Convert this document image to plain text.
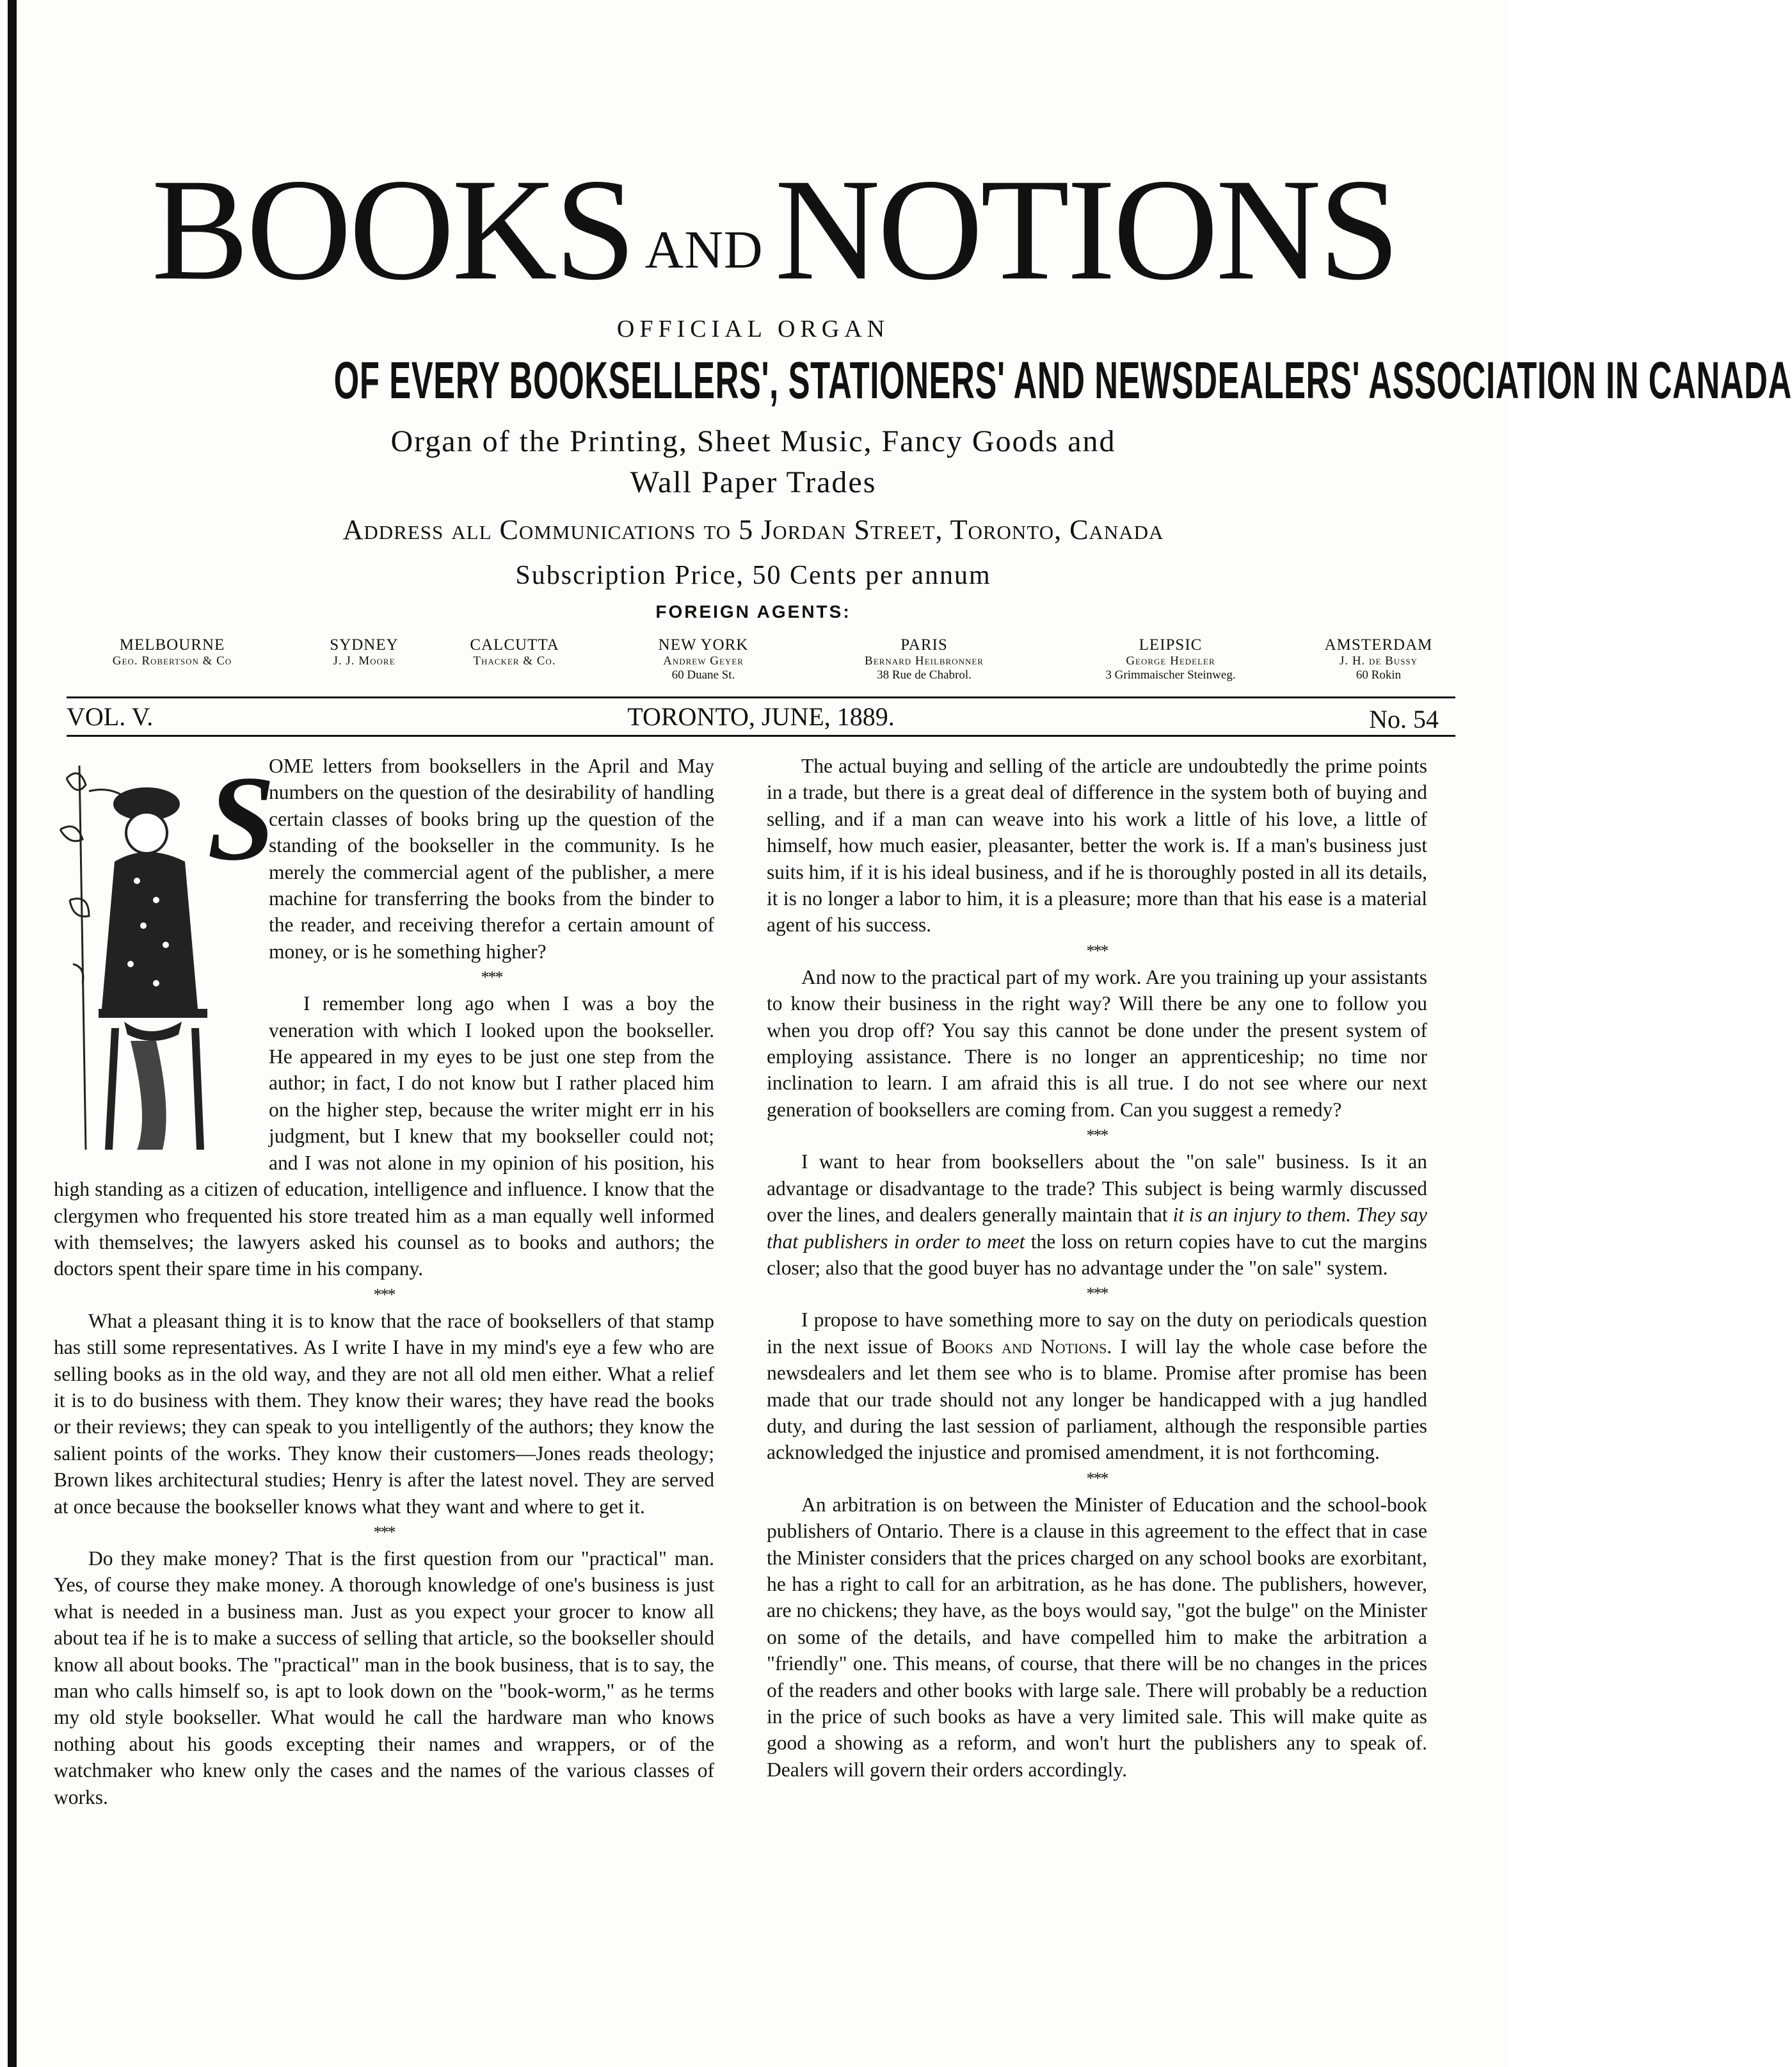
BOOKS AND NOTIONS
OFFICIAL ORGAN
OF EVERY BOOKSELLERS', STATIONERS' AND NEWSDEALERS' ASSOCIATION IN CANADA
Organ of the Printing, Sheet Music, Fancy Goods and
Wall Paper Trades
Address all Communications to 5 Jordan Street, Toronto, Canada
Subscription Price, 50 Cents per annum
FOREIGN AGENTS:
MELBOURNE
Geo. Robertson & Co
SYDNEY
J. J. Moore
CALCUTTA
Thacker & Co.
NEW YORK
Andrew Geyer
60 Duane St.
PARIS
Bernard Heilbronner
38 Rue de Chabrol.
LEIPSIC
George Hedeler
3 Grimmaischer Steinweg.
AMSTERDAM
J. H. de Bussy
60 Rokin
VOL. V.	TORONTO, JUNE, 1889.	No. 54
S

OME letters from booksellers in the April and May numbers on the question of the desirability of handling certain classes of books bring up the question of the standing of the bookseller in the community. Is he merely the commercial agent of the publisher, a mere machine for transferring the books from the binder to the reader, and receiving therefor a certain amount of money, or is he something higher?

***

I remember long ago when I was a boy the veneration with which I looked upon the bookseller. He appeared in my eyes to be just one step from the author; in fact, I do not know but I rather placed him on the higher step, because the writer might err in his judgment, but I knew that my bookseller could not; and I was not alone in my opinion of his position, his high standing as a citizen of education, intelligence and influence. I know that the clergymen who frequented his store treated him as a man equally well informed with themselves; the lawyers asked his counsel as to books and authors; the doctors spent their spare time in his company.

***

What a pleasant thing it is to know that the race of booksellers of that stamp has still some representatives. As I write I have in my mind's eye a few who are selling books as in the old way, and they are not all old men either. What a relief it is to do business with them. They know their wares; they have read the books or their reviews; they can speak to you intelligently of the authors; they know the salient points of the works. They know their customers—Jones reads theology; Brown likes architectural studies; Henry is after the latest novel. They are served at once because the bookseller knows what they want and where to get it.

***

Do they make money? That is the first question from our "practical" man. Yes, of course they make money. A thorough knowledge of one's business is just what is needed in a business man. Just as you expect your grocer to know all about tea if he is to make a success of selling that article, so the bookseller should know all about books. The "practical" man in the book business, that is to say, the man who calls himself so, is apt to look down on the "book-worm," as he terms my old style bookseller. What would he call the hardware man who knows nothing about his goods excepting their names and wrappers, or of the watchmaker who knew only the cases and the names of the various classes of works.

The actual buying and selling of the article are undoubtedly the prime points in a trade, but there is a great deal of difference in the system both of buying and selling, and if a man can weave into his work a little of his love, a little of himself, how much easier, pleasanter, better the work is. If a man's business just suits him, if it is his ideal business, and if he is thoroughly posted in all its details, it is no longer a labor to him, it is a pleasure; more than that his ease is a material agent of his success.

***

And now to the practical part of my work. Are you training up your assistants to know their business in the right way? Will there be any one to follow you when you drop off? You say this cannot be done under the present system of employing assistance. There is no longer an apprenticeship; no time nor inclination to learn. I am afraid this is all true. I do not see where our next generation of booksellers are coming from. Can you suggest a remedy?

***

I want to hear from booksellers about the "on sale" business. Is it an advantage or disadvantage to the trade? This subject is being warmly discussed over the lines, and dealers generally maintain that it is an injury to them. They say that publishers in order to meet the loss on return copies have to cut the margins closer; also that the good buyer has no advantage under the "on sale" system.

***

I propose to have something more to say on the duty on periodicals question in the next issue of Books and Notions. I will lay the whole case before the newsdealers and let them see who is to blame. Promise after promise has been made that our trade should not any longer be handicapped with a jug handled duty, and during the last session of parliament, although the responsible parties acknowledged the injustice and promised amendment, it is not forthcoming.

***

An arbitration is on between the Minister of Education and the school-book publishers of Ontario. There is a clause in this agreement to the effect that in case the Minister considers that the prices charged on any school books are exorbitant, he has a right to call for an arbitration, as he has done. The publishers, however, are no chickens; they have, as the boys would say, "got the bulge" on the Minister on some of the details, and have compelled him to make the arbitration a "friendly" one. This means, of course, that there will be no changes in the prices of the readers and other books with large sale. There will probably be a reduction in the price of such books as have a very limited sale. This will make quite as good a showing as a reform, and won't hurt the publishers any to speak of. Dealers will govern their orders accordingly.
